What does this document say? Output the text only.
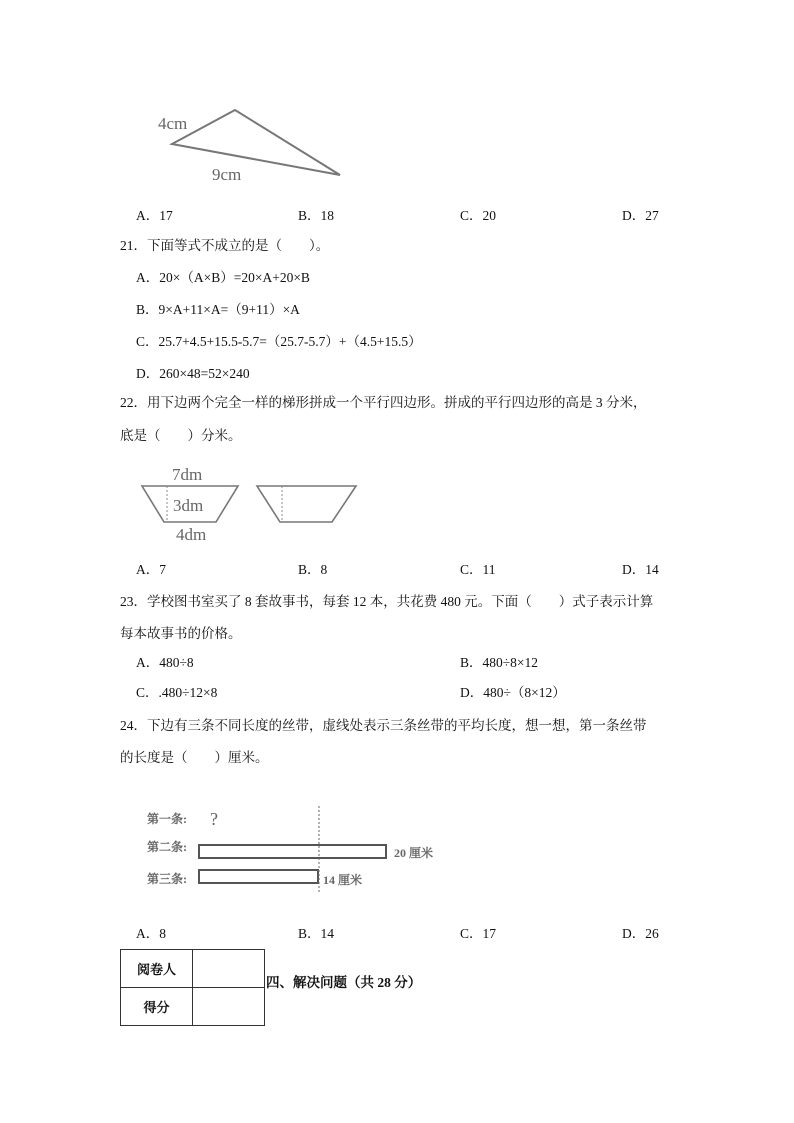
4cm
9cm
A．17	B．18	C．20	D．27
21．下面等式不成立的是（　　）。
A．20×（A×B）=20×A+20×B
B．9×A+11×A=（9+11）×A
C．25.7+4.5+15.5-5.7=（25.7-5.7）+（4.5+15.5）
D．260×48=52×240
22．用下边两个完全一样的梯形拼成一个平行四边形。拼成的平行四边形的高是 3 分米，
底是（　　）分米。
7dm
3dm
4dm
A．7	B．8	C．11	D．14
23．学校图书室买了 8 套故事书，每套 12 本，共花费 480 元。下面（　　）式子表示计算
每本故事书的价格。
A．480÷8	B．480÷8×12
C．.480÷12×8	D．480÷（8×12）
24．下边有三条不同长度的丝带，虚线处表示三条丝带的平均长度，想一想，第一条丝带
的长度是（　　）厘米。
第一条: ?
第二条:
第三条:
20 厘米
14 厘米
A．8	B．14	C．17	D．26
阅卷人	
得分	
四、解决问题（共 28 分）
